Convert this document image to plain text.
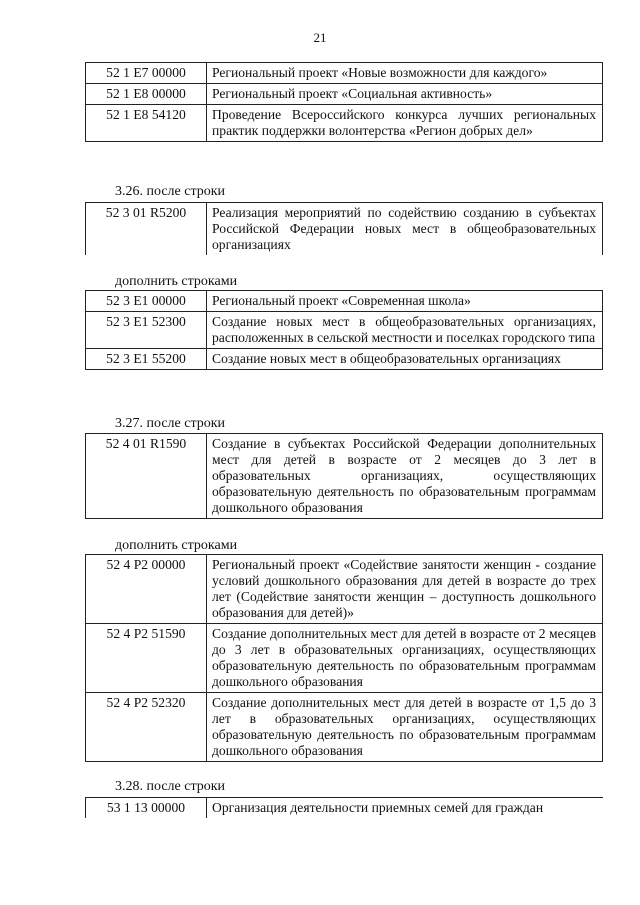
21
52 1 E7 00000	Региональный проект «Новые возможности для каждого»
52 1 E8 00000	Региональный проект «Социальная активность»
52 1 E8 54120	Проведение Всероссийского конкурса лучших региональных практик поддержки волонтерства «Регион добрых дел»
3.26. после строки
52 3 01 R5200	Реализация мероприятий по содействию созданию в субъектах Российской Федерации новых мест в общеобразовательных организациях
дополнить строками
52 3 E1 00000	Региональный проект «Современная школа»
52 3 E1 52300	Создание новых мест в общеобразовательных организациях, расположенных в сельской местности и поселках городского типа
52 3 E1 55200	Создание новых мест в общеобразовательных организациях
3.27. после строки
52 4 01 R1590	Создание в субъектах Российской Федерации дополнительных мест для детей в возрасте от 2 месяцев до 3 лет в образовательных организациях, осуществляющих образовательную деятельность по образовательным программам дошкольного образования
дополнить строками
52 4 P2 00000	Региональный проект «Содействие занятости женщин - создание условий дошкольного образования для детей в возрасте до трех лет (Содействие занятости женщин – доступность дошкольного образования для детей)»
52 4 P2 51590	Создание дополнительных мест для детей в возрасте от 2 месяцев до 3 лет в образовательных организациях, осуществляющих образовательную деятельность по образовательным программам дошкольного образования
52 4 P2 52320	Создание дополнительных мест для детей в возрасте от 1,5 до 3 лет в образовательных организациях, осуществляющих образовательную деятельность по образовательным программам дошкольного образования
3.28. после строки
53 1 13 00000	Организация деятельности приемных семей для граждан
